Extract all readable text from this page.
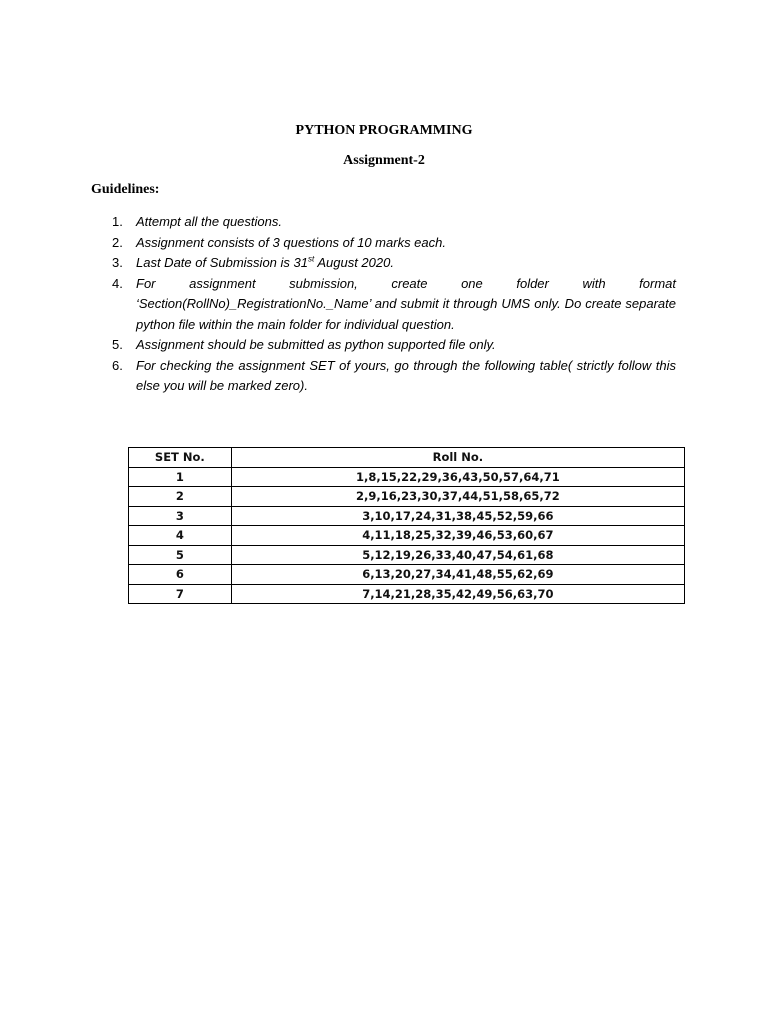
PYTHON PROGRAMMING
Assignment-2
Guidelines:
1. Attempt all the questions.
2. Assignment consists of 3 questions of 10 marks each.
3. Last Date of Submission is 31st August 2020.
4. For assignment submission, create one folder with format ‘Section(RollNo)_RegistrationNo._Name’ and submit it through UMS only. Do create separate python file within the main folder for individual question.
5. Assignment should be submitted as python supported file only.
6. For checking the assignment SET of yours, go through the following table( strictly follow this else you will be marked zero).
SET No.	Roll No.
1	1,8,15,22,29,36,43,50,57,64,71
2	2,9,16,23,30,37,44,51,58,65,72
3	3,10,17,24,31,38,45,52,59,66
4	4,11,18,25,32,39,46,53,60,67
5	5,12,19,26,33,40,47,54,61,68
6	6,13,20,27,34,41,48,55,62,69
7	7,14,21,28,35,42,49,56,63,70
